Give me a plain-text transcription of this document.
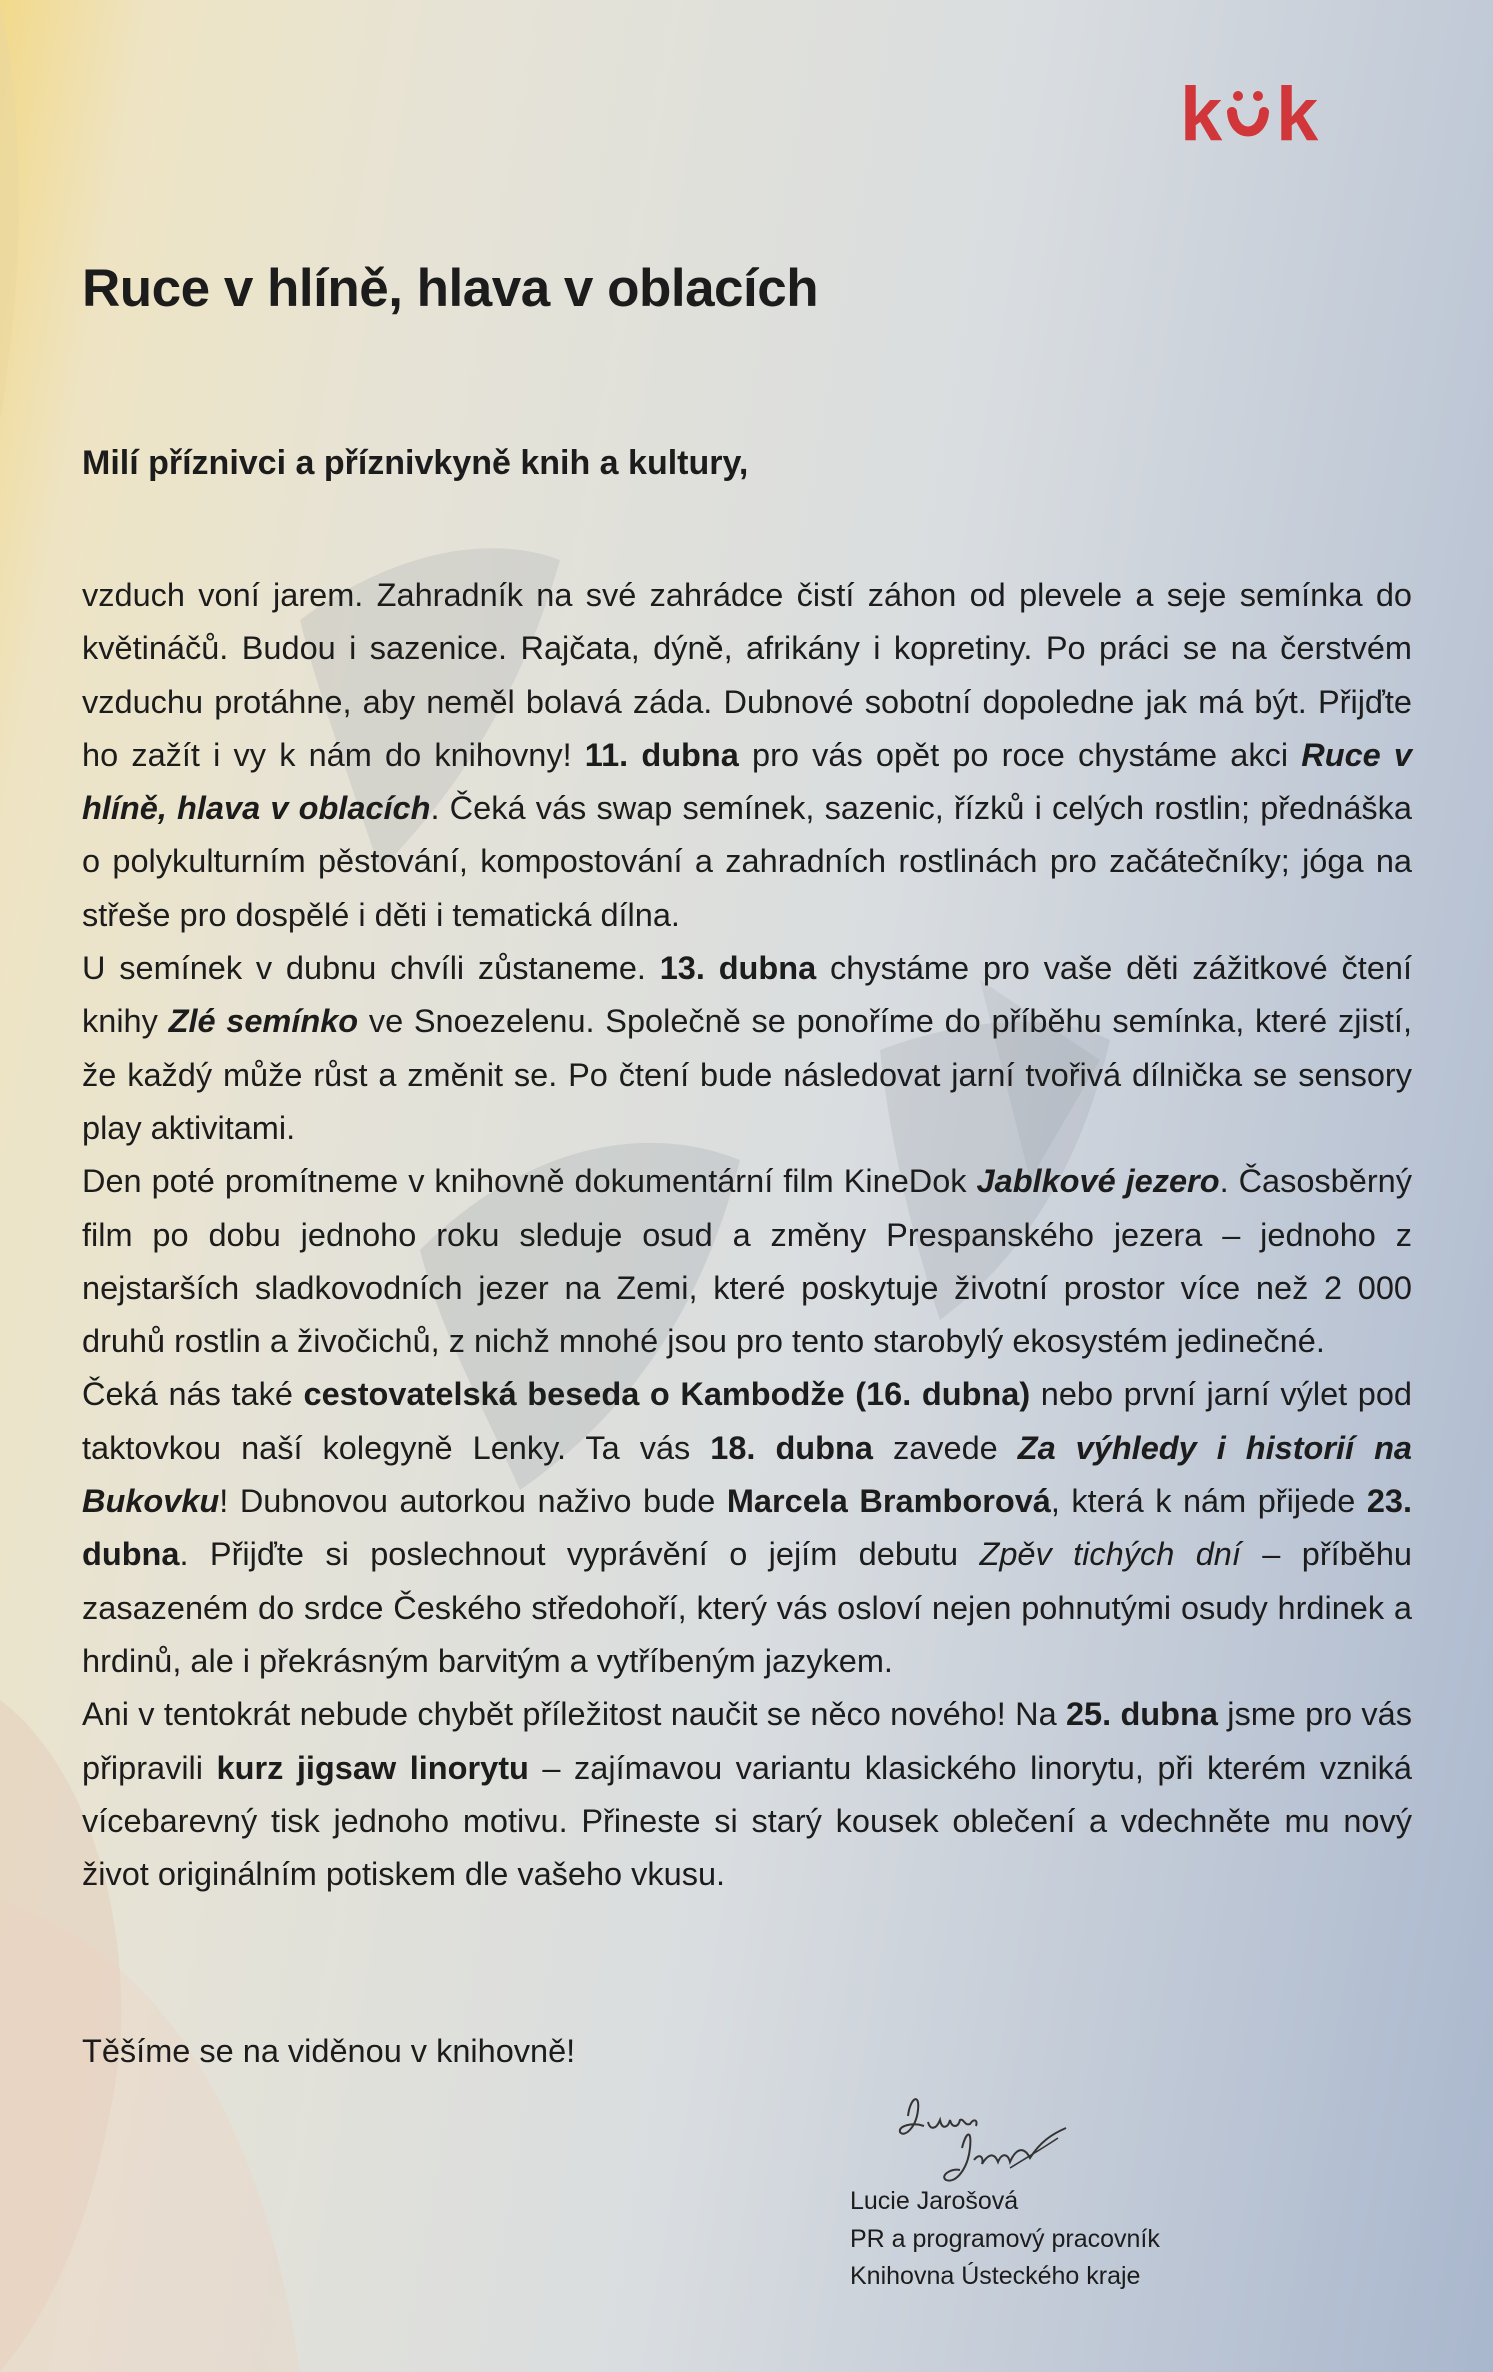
k k
Ruce v hlíně, hlava v oblacích

Milí příznivci a příznivkyně knih a kultury,

vzduch voní jarem. Zahradník na své zahrádce čistí záhon od plevele a seje semínka do květináčů. Budou i sazenice. Rajčata, dýně, afrikány i kopretiny. Po práci se na čerstvém vzduchu protáhne, aby neměl bolavá záda. Dubnové sobotní dopoledne jak má být. Přijďte ho zažít i vy k nám do knihovny! 11. dubna pro vás opět po roce chystáme akci Ruce v hlíně, hlava v oblacích. Čeká vás swap semínek, sazenic, řízků i celých rostlin; přednáška o polykulturním pěstování, kompostování a zahradních rostlinách pro začátečníky; jóga na střeše pro dospělé i děti i tematická dílna.

U semínek v dubnu chvíli zůstaneme. 13. dubna chystáme pro vaše děti zážitkové čtení knihy Zlé semínko ve Snoezelenu. Společně se ponoříme do příběhu semínka, které zjistí, že každý může růst a změnit se. Po čtení bude následovat jarní tvořivá dílnička se sensory play aktivitami.

Den poté promítneme v knihovně dokumentární film KineDok Jablkové jezero. Časosběrný film po dobu jednoho roku sleduje osud a změny Prespanského jezera – jednoho z nejstarších sladkovodních jezer na Zemi, které poskytuje životní prostor více než 2 000 druhů rostlin a živočichů, z nichž mnohé jsou pro tento starobylý ekosystém jedinečné.

Čeká nás také cestovatelská beseda o Kambodže (16. dubna) nebo první jarní výlet pod taktovkou naší kolegyně Lenky. Ta vás 18. dubna zavede Za výhledy i historií na Bukovku! Dubnovou autorkou naživo bude Marcela Bramborová, která k nám přijede 23. dubna. Přijďte si poslechnout vyprávění o jejím debutu Zpěv tichých dní – příběhu zasazeném do srdce Českého středohoří, který vás osloví nejen pohnutými osudy hrdinek a hrdinů, ale i překrásným barvitým a vytříbeným jazykem.

Ani v tentokrát nebude chybět příležitost naučit se něco nového! Na 25. dubna jsme pro vás připravili kurz jigsaw linorytu – zajímavou variantu klasického linorytu, při kterém vzniká vícebarevný tisk jednoho motivu. Přineste si starý kousek oblečení a vdechněte mu nový život originálním potiskem dle vašeho vkusu.

Těšíme se na viděnou v knihovně!

Lucie Jarošová
PR a programový pracovník
Knihovna Ústeckého kraje
